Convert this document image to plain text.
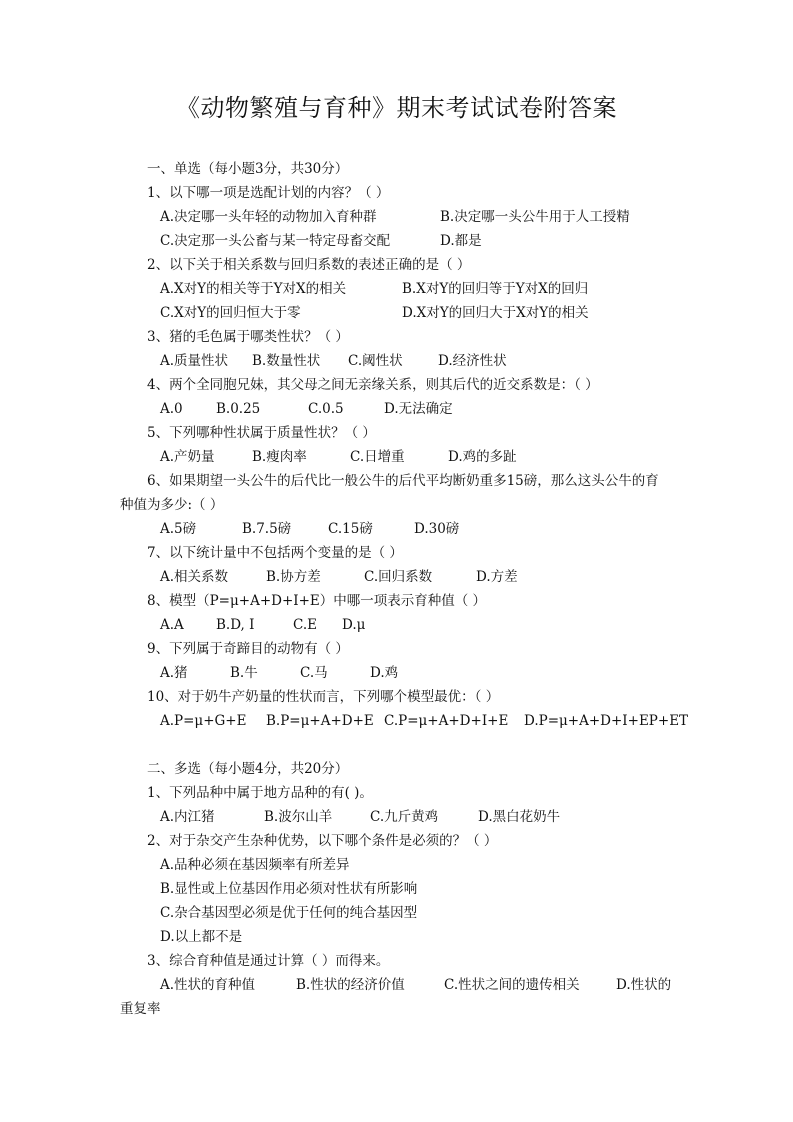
《动物繁殖与育种》期末考试试卷附答案
一、单选（每小题3分，共30分）
1、以下哪一项是选配计划的内容？（ ）
A.决定哪一头年轻的动物加入育种群	B.决定哪一头公牛用于人工授精
C.决定那一头公畜与某一特定母畜交配	D.都是
2、以下关于相关系数与回归系数的表述正确的是（ ）
A.X对Y的相关等于Y对X的相关	B.X对Y的回归等于Y对X的回归
C.X对Y的回归恒大于零	D.X对Y的回归大于X对Y的相关
3、猪的毛色属于哪类性状？（ ）
A.质量性状 B.数量性状 C.阈性状	D.经济性状
4、两个全同胞兄妹，其父母之间无亲缘关系，则其后代的近交系数是：（ ）
A.0 B.0.25	C.0.5	D.无法确定
5、下列哪种性状属于质量性状？（ ）
A.产奶量	B.瘦肉率	C.日增重	D.鸡的多趾
6、如果期望一头公牛的后代比一般公牛的后代平均断奶重多15磅，那么这头公牛的育
种值为多少:（ ）
A.5磅	B.7.5磅	C.15磅	D.30磅
7、以下统计量中不包括两个变量的是（ ）
A.相关系数	B.协方差	C.回归系数	D.方差
8、模型（P=μ+A+D+I+E）中哪一项表示育种值（ ）
A.A B.D, I	C.E D.μ
9、下列属于奇蹄目的动物有（ ）
A.猪	B.牛	C.马	D.鸡
10、对于奶牛产奶量的性状而言，下列哪个模型最优：（ ）
A.P=μ+G+E B.P=μ+A+D+E C.P=μ+A+D+I+E D.P=μ+A+D+I+EP+ET
二、多选（每小题4分，共20分）
1、下列品种中属于地方品种的有( )。
A.内江猪	B.波尔山羊	C.九斤黄鸡	D.黑白花奶牛
2、对于杂交产生杂种优势，以下哪个条件是必须的？（ ）
A.品种必须在基因频率有所差异
B.显性或上位基因作用必须对性状有所影响
C.杂合基因型必须是优于任何的纯合基因型
D.以上都不是
3、综合育种值是通过计算（ ）而得来。
A.性状的育种值	B.性状的经济价值	C.性状之间的遗传相关	D.性状的
重复率
